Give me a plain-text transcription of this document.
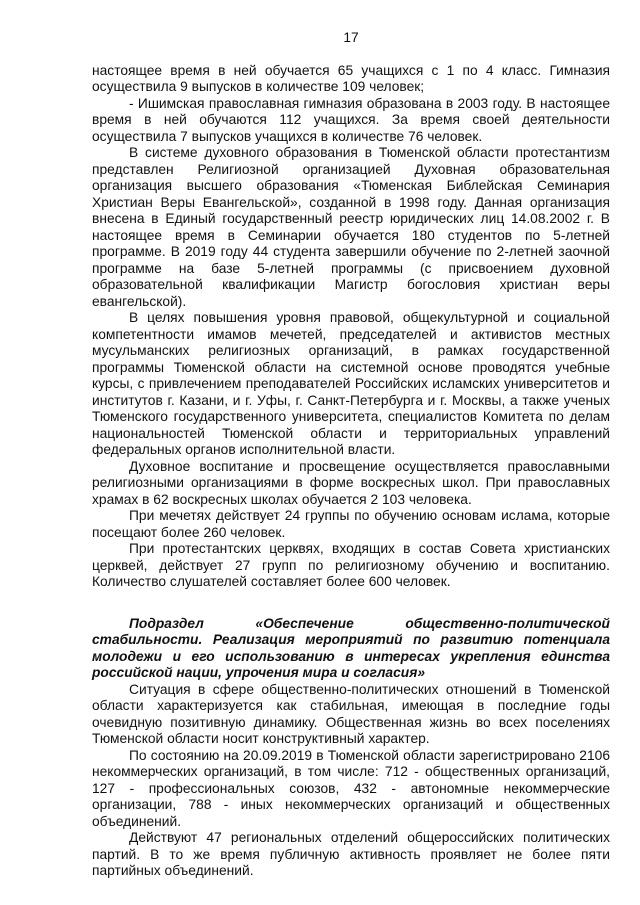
17

настоящее время в ней обучается 65 учащихся с 1 по 4 класс. Гимназия осуществила 9 выпусков в количестве 109 человек;

- Ишимская православная гимназия образована в 2003 году. В настоящее время в ней обучаются 112 учащихся. За время своей деятельности осуществила 7 выпусков учащихся в количестве 76 человек.

В системе духовного образования в Тюменской области протестантизм представлен Религиозной организацией Духовная образовательная организация высшего образования «Тюменская Библейская Семинария Христиан Веры Евангельской», созданной в 1998 году. Данная организация внесена в Единый государственный реестр юридических лиц 14.08.2002 г. В настоящее время в Семинарии обучается 180 студентов по 5-летней программе. В 2019 году 44 студента завершили обучение по 2-летней заочной программе на базе 5-летней программы (с присвоением духовной образовательной квалификации Магистр богословия христиан веры евангельской).

В целях повышения уровня правовой, общекультурной и социальной компетентности имамов мечетей, председателей и активистов местных мусульманских религиозных организаций, в рамках государственной программы Тюменской области на системной основе проводятся учебные курсы, с привлечением преподавателей Российских исламских университетов и институтов г. Казани, и г. Уфы, г. Санкт-Петербурга и г. Москвы, а также ученых Тюменского государственного университета, специалистов Комитета по делам национальностей Тюменской области и территориальных управлений федеральных органов исполнительной власти.

Духовное воспитание и просвещение осуществляется православными религиозными организациями в форме воскресных школ. При православных храмах в 62 воскресных школах обучается 2 103 человека.

При мечетях действует 24 группы по обучению основам ислама, которые посещают более 260 человек.

При протестантских церквях, входящих в состав Совета христианских церквей, действует 27 групп по религиозному обучению и воспитанию. Количество слушателей составляет более 600 человек.

Подраздел	«Обеспечение общественно-политической стабильности. Реализация мероприятий по развитию потенциала молодежи и его использованию в интересах укрепления единства российской нации, упрочения мира и согласия»

Ситуация в сфере общественно-политических отношений в Тюменской области характеризуется как стабильная, имеющая в последние годы очевидную позитивную динамику. Общественная жизнь во всех поселениях Тюменской области носит конструктивный характер.

По состоянию на 20.09.2019 в Тюменской области зарегистрировано 2106 некоммерческих организаций, в том числе: 712 - общественных организаций, 127 - профессиональных союзов, 432 - автономные некоммерческие организации, 788 - иных некоммерческих организаций и общественных объединений.

Действуют 47 региональных отделений общероссийских политических партий. В то же время публичную активность проявляет не более пяти партийных объединений.
